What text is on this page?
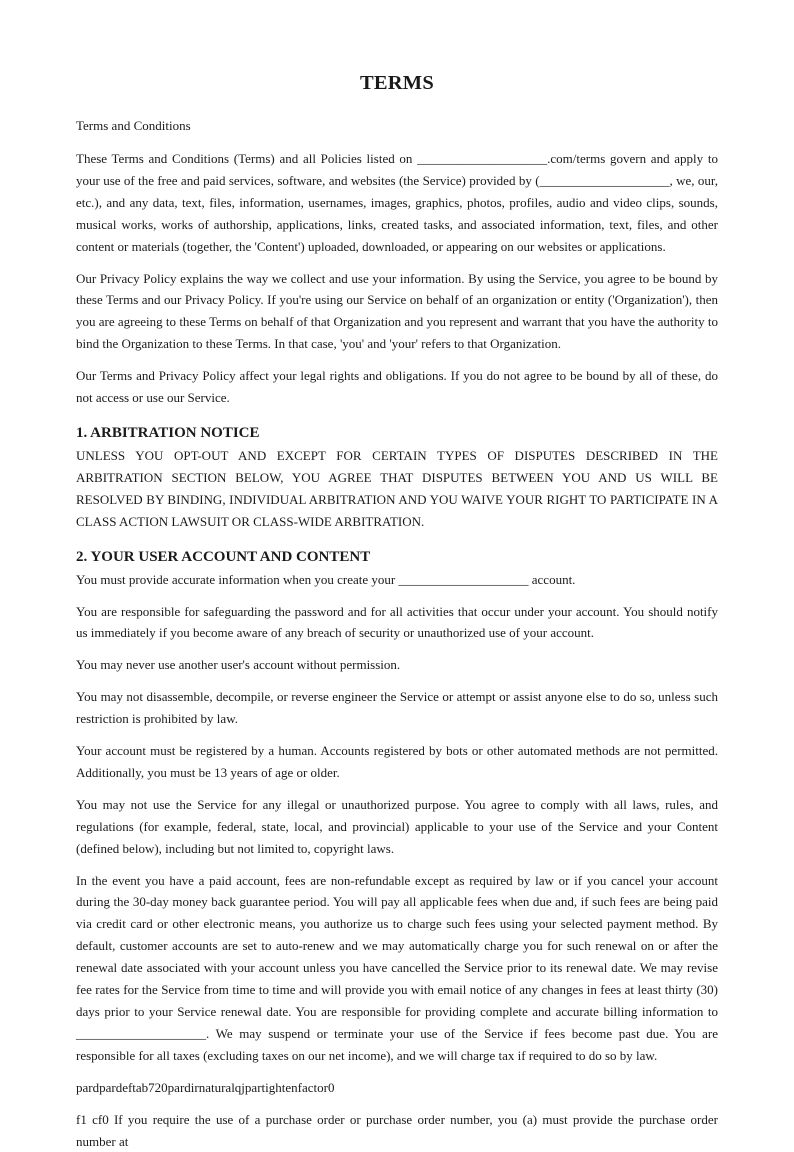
TERMS
Terms and Conditions

These Terms and Conditions (Terms) and all Policies listed on ____________________.com/terms govern and apply to your use of the free and paid services, software, and websites (the Service) provided by (____________________, we, our, etc.), and any data, text, files, information, usernames, images, graphics, photos, profiles, audio and video clips, sounds, musical works, works of authorship, applications, links, created tasks, and associated information, text, files, and other content or materials (together, the 'Content') uploaded, downloaded, or appearing on our websites or applications.

Our Privacy Policy explains the way we collect and use your information. By using the Service, you agree to be bound by these Terms and our Privacy Policy. If you're using our Service on behalf of an organization or entity ('Organization'), then you are agreeing to these Terms on behalf of that Organization and you represent and warrant that you have the authority to bind the Organization to these Terms. In that case, 'you' and 'your' refers to that Organization.

Our Terms and Privacy Policy affect your legal rights and obligations. If you do not agree to be bound by all of these, do not access or use our Service.

1. ARBITRATION NOTICE

UNLESS YOU OPT-OUT AND EXCEPT FOR CERTAIN TYPES OF DISPUTES DESCRIBED IN THE ARBITRATION SECTION BELOW, YOU AGREE THAT DISPUTES BETWEEN YOU AND US WILL BE RESOLVED BY BINDING, INDIVIDUAL ARBITRATION AND YOU WAIVE YOUR RIGHT TO PARTICIPATE IN A CLASS ACTION LAWSUIT OR CLASS-WIDE ARBITRATION.

2. YOUR USER ACCOUNT AND CONTENT

You must provide accurate information when you create your ____________________ account.

You are responsible for safeguarding the password and for all activities that occur under your account. You should notify us immediately if you become aware of any breach of security or unauthorized use of your account.

You may never use another user's account without permission.

You may not disassemble, decompile, or reverse engineer the Service or attempt or assist anyone else to do so, unless such restriction is prohibited by law.

Your account must be registered by a human. Accounts registered by bots or other automated methods are not permitted. Additionally, you must be 13 years of age or older.

You may not use the Service for any illegal or unauthorized purpose. You agree to comply with all laws, rules, and regulations (for example, federal, state, local, and provincial) applicable to your use of the Service and your Content (defined below), including but not limited to, copyright laws.

In the event you have a paid account, fees are non-refundable except as required by law or if you cancel your account during the 30-day money back guarantee period. You will pay all applicable fees when due and, if such fees are being paid via credit card or other electronic means, you authorize us to charge such fees using your selected payment method. By default, customer accounts are set to auto-renew and we may automatically charge you for such renewal on or after the renewal date associated with your account unless you have cancelled the Service prior to its renewal date. We may revise fee rates for the Service from time to time and will provide you with email notice of any changes in fees at least thirty (30) days prior to your Service renewal date. You are responsible for providing complete and accurate billing information to ____________________. We may suspend or terminate your use of the Service if fees become past due. You are responsible for all taxes (excluding taxes on our net income), and we will charge tax if required to do so by law.

pardpardeftab720pardirnaturalqjpartightenfactor0

f1 cf0 If you require the use of a purchase order or purchase order number, you (a) must provide the purchase order number at
